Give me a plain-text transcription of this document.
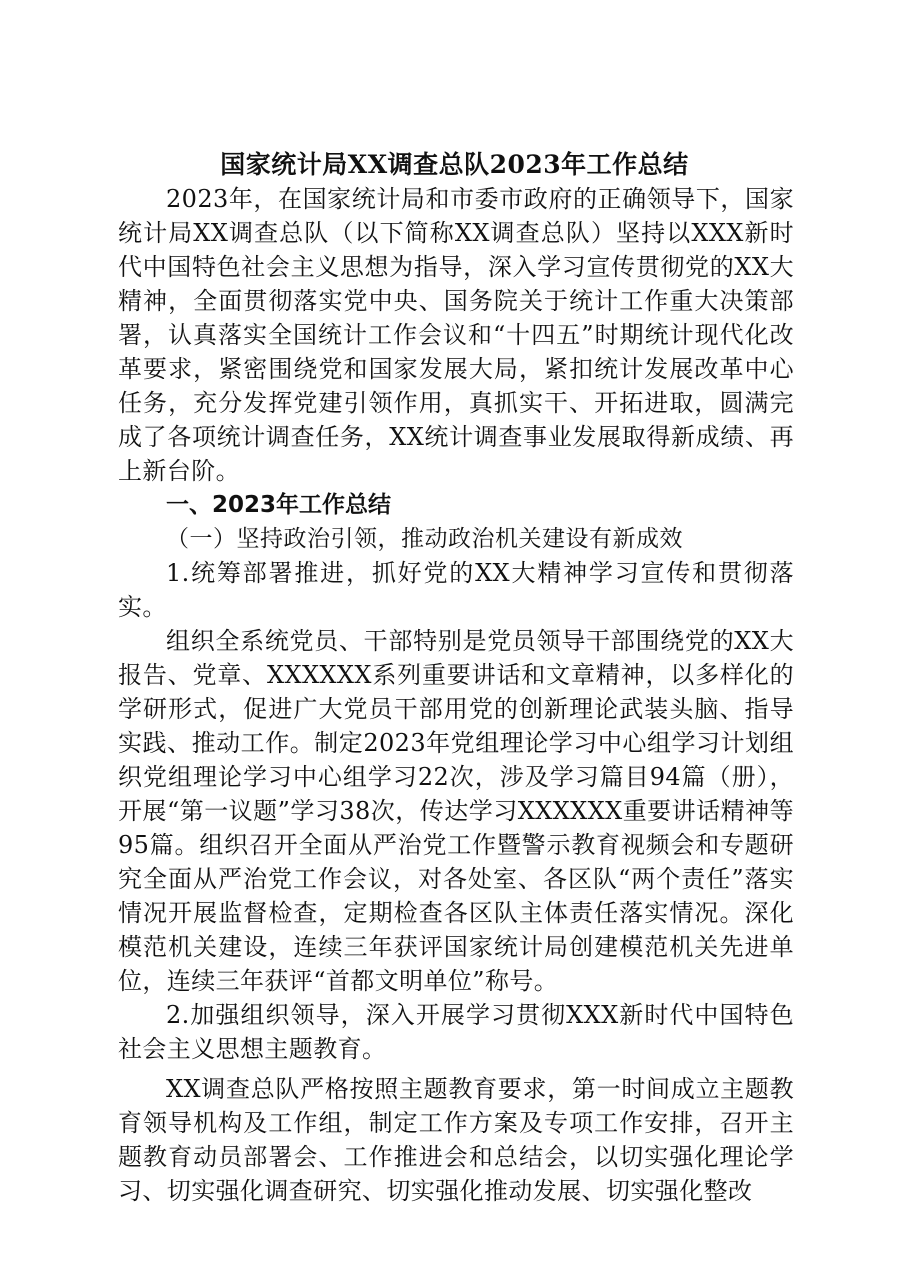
国家统计局XX调查总队2023年工作总结

2023年，在国家统计局和市委市政府的正确领导下，国家统计局XX调查总队（以下简称XX调查总队）坚持以XXX新时代中国特色社会主义思想为指导，深入学习宣传贯彻党的XX大精神，全面贯彻落实党中央、国务院关于统计工作重大决策部署，认真落实全国统计工作会议和“十四五”时期统计现代化改革要求，紧密围绕党和国家发展大局，紧扣统计发展改革中心任务，充分发挥党建引领作用，真抓实干、开拓进取，圆满完成了各项统计调查任务，XX统计调查事业发展取得新成绩、再上新台阶。

一、2023年工作总结

（一）坚持政治引领，推动政治机关建设有新成效

1.统筹部署推进，抓好党的XX大精神学习宣传和贯彻落实。

组织全系统党员、干部特别是党员领导干部围绕党的XX大报告、党章、XXXXXX系列重要讲话和文章精神，以多样化的学研形式，促进广大党员干部用党的创新理论武装头脑、指导实践、推动工作。制定2023年党组理论学习中心组学习计划组织党组理论学习中心组学习22次，涉及学习篇目94篇（册），开展“第一议题”学习38次，传达学习XXXXXX重要讲话精神等95篇。组织召开全面从严治党工作暨警示教育视频会和专题研究全面从严治党工作会议，对各处室、各区队“两个责任”落实情况开展监督检查，定期检查各区队主体责任落实情况。深化模范机关建设，连续三年获评国家统计局创建模范机关先进单位，连续三年获评“首都文明单位”称号。

2.加强组织领导，深入开展学习贯彻XXX新时代中国特色社会主义思想主题教育。

XX调查总队严格按照主题教育要求，第一时间成立主题教育领导机构及工作组，制定工作方案及专项工作安排，召开主题教育动员部署会、工作推进会和总结会，以切实强化理论学习、切实强化调查研究、切实强化推动发展、切实强化整改
